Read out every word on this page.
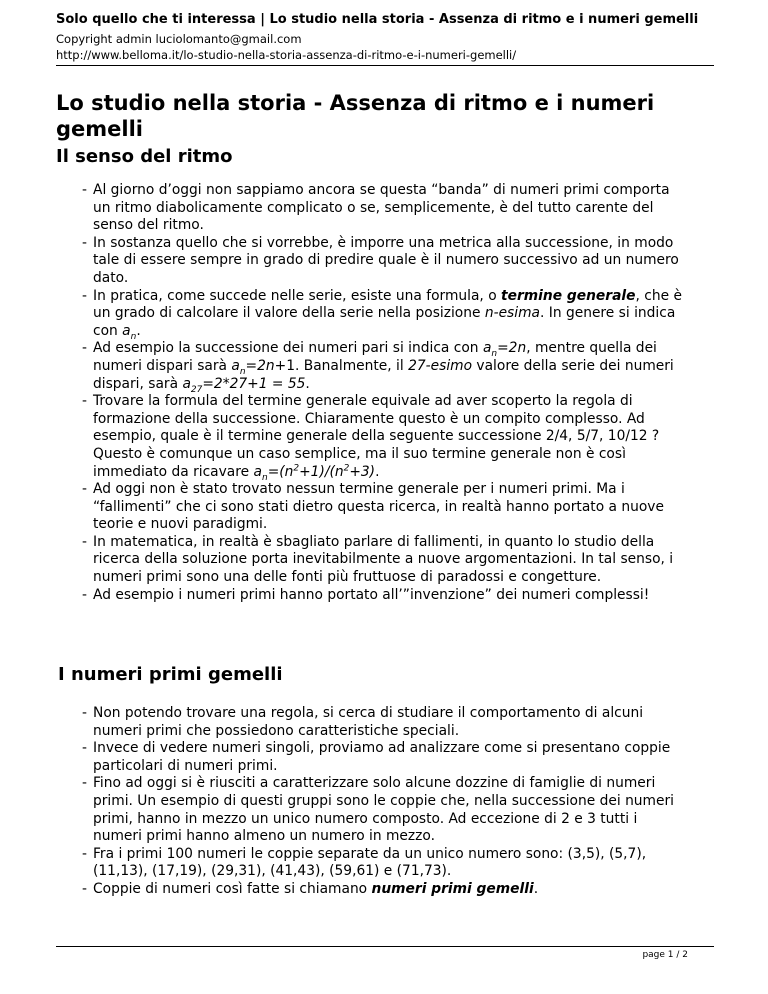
Solo quello che ti interessa | Lo studio nella storia - Assenza di ritmo e i numeri gemelli
Copyright admin luciolomanto@gmail.com
http://www.belloma.it/lo-studio-nella-storia-assenza-di-ritmo-e-i-numeri-gemelli/
Lo studio nella storia - Assenza di ritmo e i numeri gemelli
Il senso del ritmo
- Al giorno d’oggi non sappiamo ancora se questa “banda” di numeri primi comporta un ritmo diabolicamente complicato o se, semplicemente, è del tutto carente del senso del ritmo.
- In sostanza quello che si vorrebbe, è imporre una metrica alla successione, in modo tale di essere sempre in grado di predire quale è il numero successivo ad un numero dato.
- In pratica, come succede nelle serie, esiste una formula, o termine generale, che è un grado di calcolare il valore della serie nella posizione n-esima. In genere si indica con $a_n$.
- Ad esempio la successione dei numeri pari si indica con $a_n=2n$, mentre quella dei numeri dispari sarà $a_n=2n+1$. Banalmente, il 27-esimo valore della serie dei numeri dispari, sarà $a_{27}=2*27+1 = 55$.
- Trovare la formula del termine generale equivale ad aver scoperto la regola di formazione della successione. Chiaramente questo è un compito complesso. Ad esempio, quale è il termine generale della seguente successione 2/4, 5/7, 10/12 ? Questo è comunque un caso semplice, ma il suo termine generale non è così immediato da ricavare $a_n=(n^2+1)/(n^2+3)$.
- Ad oggi non è stato trovato nessun termine generale per i numeri primi. Ma i “fallimenti” che ci sono stati dietro questa ricerca, in realtà hanno portato a nuove teorie e nuovi paradigmi.
- In matematica, in realtà è sbagliato parlare di fallimenti, in quanto lo studio della ricerca della soluzione porta inevitabilmente a nuove argomentazioni. In tal senso, i numeri primi sono una delle fonti più fruttuose di paradossi e congetture.
- Ad esempio i numeri primi hanno portato all’”invenzione” dei numeri complessi!
I numeri primi gemelli
- Non potendo trovare una regola, si cerca di studiare il comportamento di alcuni numeri primi che possiedono caratteristiche speciali.
- Invece di vedere numeri singoli, proviamo ad analizzare come si presentano coppie particolari di numeri primi.
- Fino ad oggi si è riusciti a caratterizzare solo alcune dozzine di famiglie di numeri primi. Un esempio di questi gruppi sono le coppie che, nella successione dei numeri primi, hanno in mezzo un unico numero composto. Ad eccezione di 2 e 3 tutti i numeri primi hanno almeno un numero in mezzo.
- Fra i primi 100 numeri le coppie separate da un unico numero sono: (3,5), (5,7), (11,13), (17,19), (29,31), (41,43), (59,61) e (71,73).
- Coppie di numeri così fatte si chiamano numeri primi gemelli.
page 1 / 2
